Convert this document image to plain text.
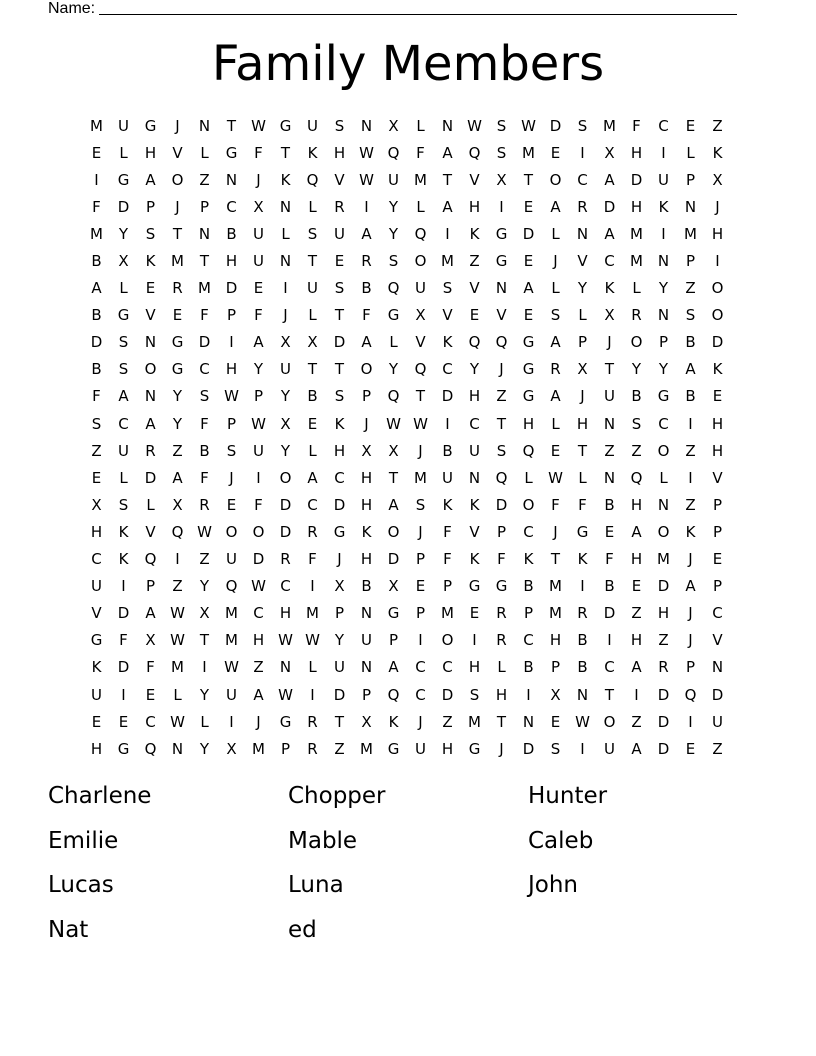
Name:
Family Members
M	U	G	J	N	T	W	G	U	S	N	X	L	N	W	S	W	D	S	M	F	C	E	Z
E	L	H	V	L	G	F	T	K	H	W	Q	F	A	Q	S	M	E	I	X	H	I	L	K
I	G	A	O	Z	N	J	K	Q	V	W	U	M	T	V	X	T	O	C	A	D	U	P	X
F	D	P	J	P	C	X	N	L	R	I	Y	L	A	H	I	E	A	R	D	H	K	N	J
M	Y	S	T	N	B	U	L	S	U	A	Y	Q	I	K	G	D	L	N	A	M	I	M	H
B	X	K	M	T	H	U	N	T	E	R	S	O	M	Z	G	E	J	V	C	M	N	P	I
A	L	E	R	M	D	E	I	U	S	B	Q	U	S	V	N	A	L	Y	K	L	Y	Z	O
B	G	V	E	F	P	F	J	L	T	F	G	X	V	E	V	E	S	L	X	R	N	S	O
D	S	N	G	D	I	A	X	X	D	A	L	V	K	Q	Q	G	A	P	J	O	P	B	D
B	S	O	G	C	H	Y	U	T	T	O	Y	Q	C	Y	J	G	R	X	T	Y	Y	A	K
F	A	N	Y	S	W	P	Y	B	S	P	Q	T	D	H	Z	G	A	J	U	B	G	B	E
S	C	A	Y	F	P	W	X	E	K	J	W	W	I	C	T	H	L	H	N	S	C	I	H
Z	U	R	Z	B	S	U	Y	L	H	X	X	J	B	U	S	Q	E	T	Z	Z	O	Z	H
E	L	D	A	F	J	I	O	A	C	H	T	M	U	N	Q	L	W	L	N	Q	L	I	V
X	S	L	X	R	E	F	D	C	D	H	A	S	K	K	D	O	F	F	B	H	N	Z	P
H	K	V	Q	W	O	O	D	R	G	K	O	J	F	V	P	C	J	G	E	A	O	K	P
C	K	Q	I	Z	U	D	R	F	J	H	D	P	F	K	F	K	T	K	F	H	M	J	E
U	I	P	Z	Y	Q	W	C	I	X	B	X	E	P	G	G	B	M	I	B	E	D	A	P
V	D	A	W	X	M	C	H	M	P	N	G	P	M	E	R	P	M	R	D	Z	H	J	C
G	F	X	W	T	M	H	W	W	Y	U	P	I	O	I	R	C	H	B	I	H	Z	J	V
K	D	F	M	I	W	Z	N	L	U	N	A	C	C	H	L	B	P	B	C	A	R	P	N
U	I	E	L	Y	U	A	W	I	D	P	Q	C	D	S	H	I	X	N	T	I	D	Q	D
E	E	C	W	L	I	J	G	R	T	X	K	J	Z	M	T	N	E	W	O	Z	D	I	U
H	G	Q	N	Y	X	M	P	R	Z	M	G	U	H	G	J	D	S	I	U	A	D	E	Z
Charlene	Chopper	Hunter
Emilie	Mable	Caleb
Lucas	Luna	John
Nat	ed
